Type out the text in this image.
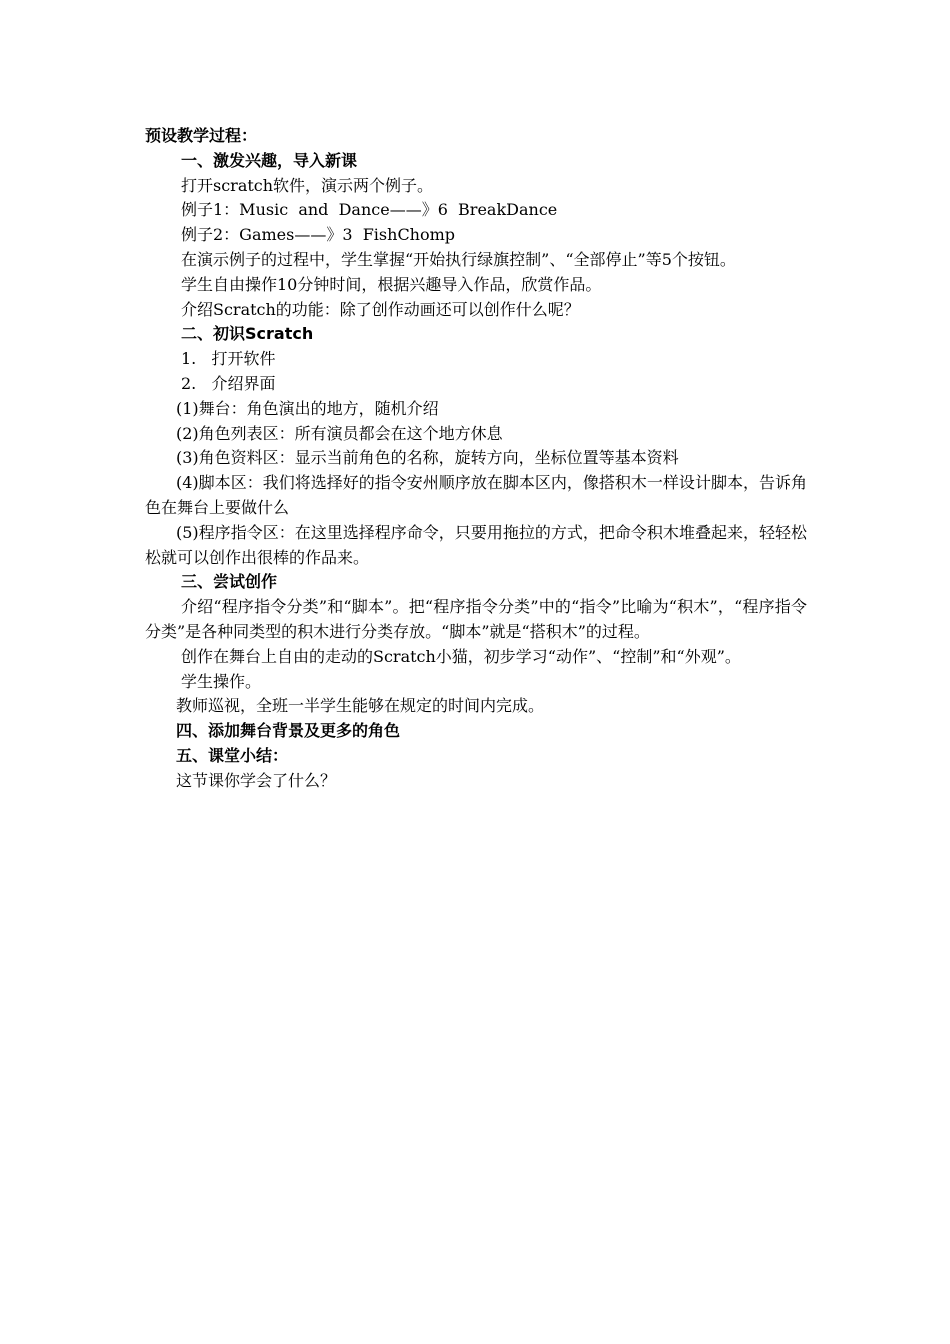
预设教学过程：

一、激发兴趣，导入新课

打开scratch软件，演示两个例子。

例子1：Music  and  Dance——》6  BreakDance

例子2：Games——》3  FishChomp

在演示例子的过程中，学生掌握“开始执行绿旗控制”、“全部停止”等5个按钮。

学生自由操作10分钟时间，根据兴趣导入作品，欣赏作品。

介绍Scratch的功能：除了创作动画还可以创作什么呢？

二、初识Scratch

1.   打开软件

2.   介绍界面

(1)舞台：角色演出的地方，随机介绍

(2)角色列表区：所有演员都会在这个地方休息

(3)角色资料区：显示当前角色的名称，旋转方向，坐标位置等基本资料

(4)脚本区：我们将选择好的指令安州顺序放在脚本区内，像搭积木一样设计脚本，告诉角色在舞台上要做什么

(5)程序指令区：在这里选择程序命令，只要用拖拉的方式，把命令积木堆叠起来，轻轻松松就可以创作出很棒的作品来。

三、尝试创作

介绍“程序指令分类”和“脚本”。把“程序指令分类”中的“指令”比喻为“积木”，“程序指令分类”是各种同类型的积木进行分类存放。“脚本”就是“搭积木”的过程。

创作在舞台上自由的走动的Scratch小猫，初步学习“动作”、“控制”和“外观”。

学生操作。

教师巡视，全班一半学生能够在规定的时间内完成。

四、添加舞台背景及更多的角色

五、课堂小结：

这节课你学会了什么？
